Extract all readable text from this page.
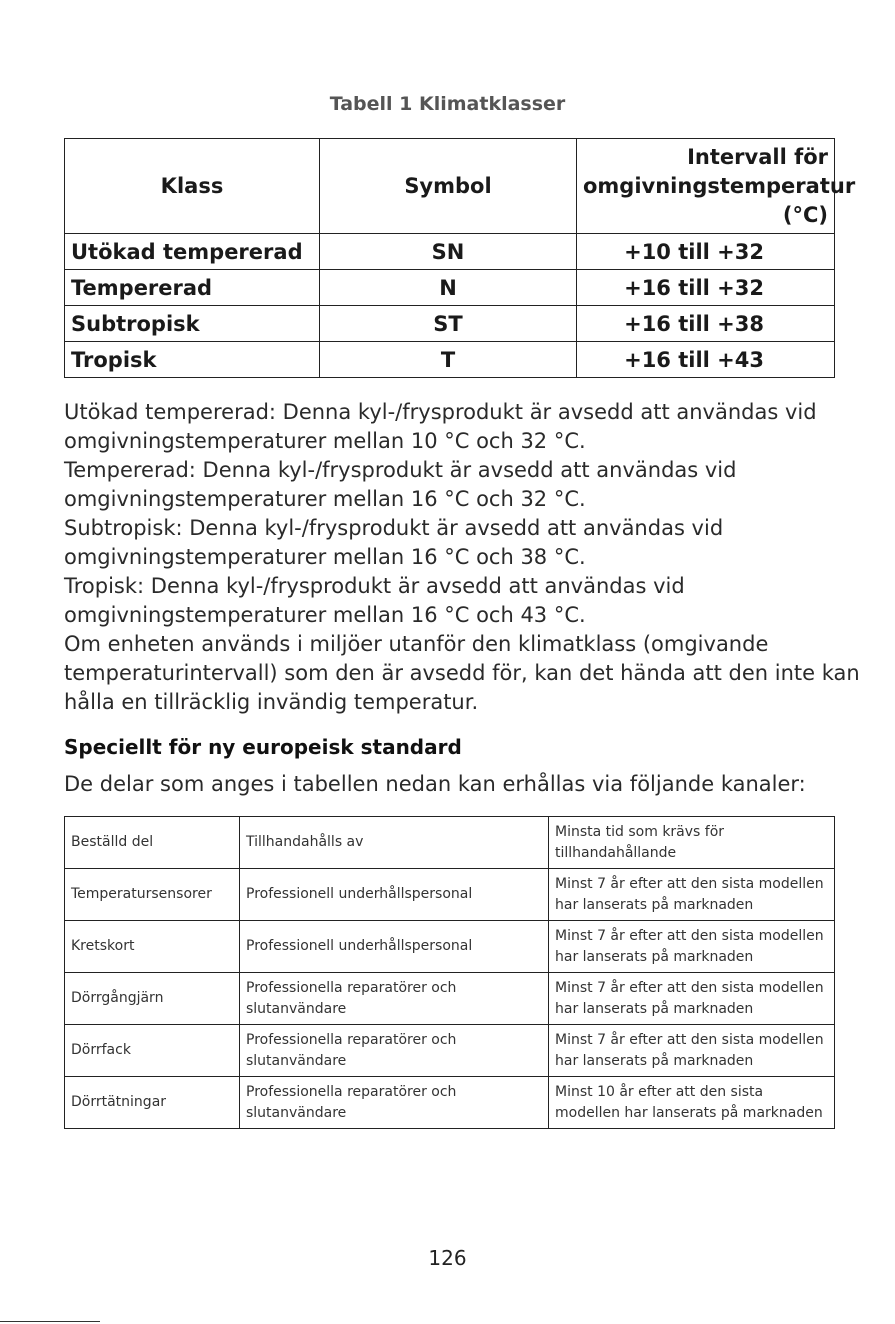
Tabell 1 Klimatklasser
Klass	Symbol	Intervall för omgivningstemperatur (°C)
Utökad tempererad	SN	+10 till +32
Tempererad	N	+16 till +32
Subtropisk	ST	+16 till +38
Tropisk	T	+16 till +43

Utökad tempererad: Denna kyl-/frysprodukt är avsedd att användas vid omgivningstemperaturer mellan 10 °C och 32 °C.

Tempererad: Denna kyl-/frysprodukt är avsedd att användas vid omgivningstemperaturer mellan 16 °C och 32 °C.

Subtropisk: Denna kyl-/frysprodukt är avsedd att användas vid omgivningstemperaturer mellan 16 °C och 38 °C.

Tropisk: Denna kyl-/frysprodukt är avsedd att användas vid omgivningstemperaturer mellan 16 °C och 43 °C.

Om enheten används i miljöer utanför den klimatklass (omgivande temperaturintervall) som den är avsedd för, kan det hända att den inte kan hålla en tillräcklig invändig temperatur.

Speciellt för ny europeisk standard
De delar som anges i tabellen nedan kan erhållas via följande kanaler:
Beställd del	Tillhandahålls av	Minsta tid som krävs för tillhandahållande
Temperatursensorer	Professionell underhållspersonal	Minst 7 år efter att den sista modellen har lanserats på marknaden
Kretskort	Professionell underhållspersonal	Minst 7 år efter att den sista modellen har lanserats på marknaden
Dörrgångjärn	Professionella reparatörer och slutanvändare	Minst 7 år efter att den sista modellen har lanserats på marknaden
Dörrfack	Professionella reparatörer och slutanvändare	Minst 7 år efter att den sista modellen har lanserats på marknaden
Dörrtätningar	Professionella reparatörer och slutanvändare	Minst 10 år efter att den sista modellen har lanserats på marknaden
126
